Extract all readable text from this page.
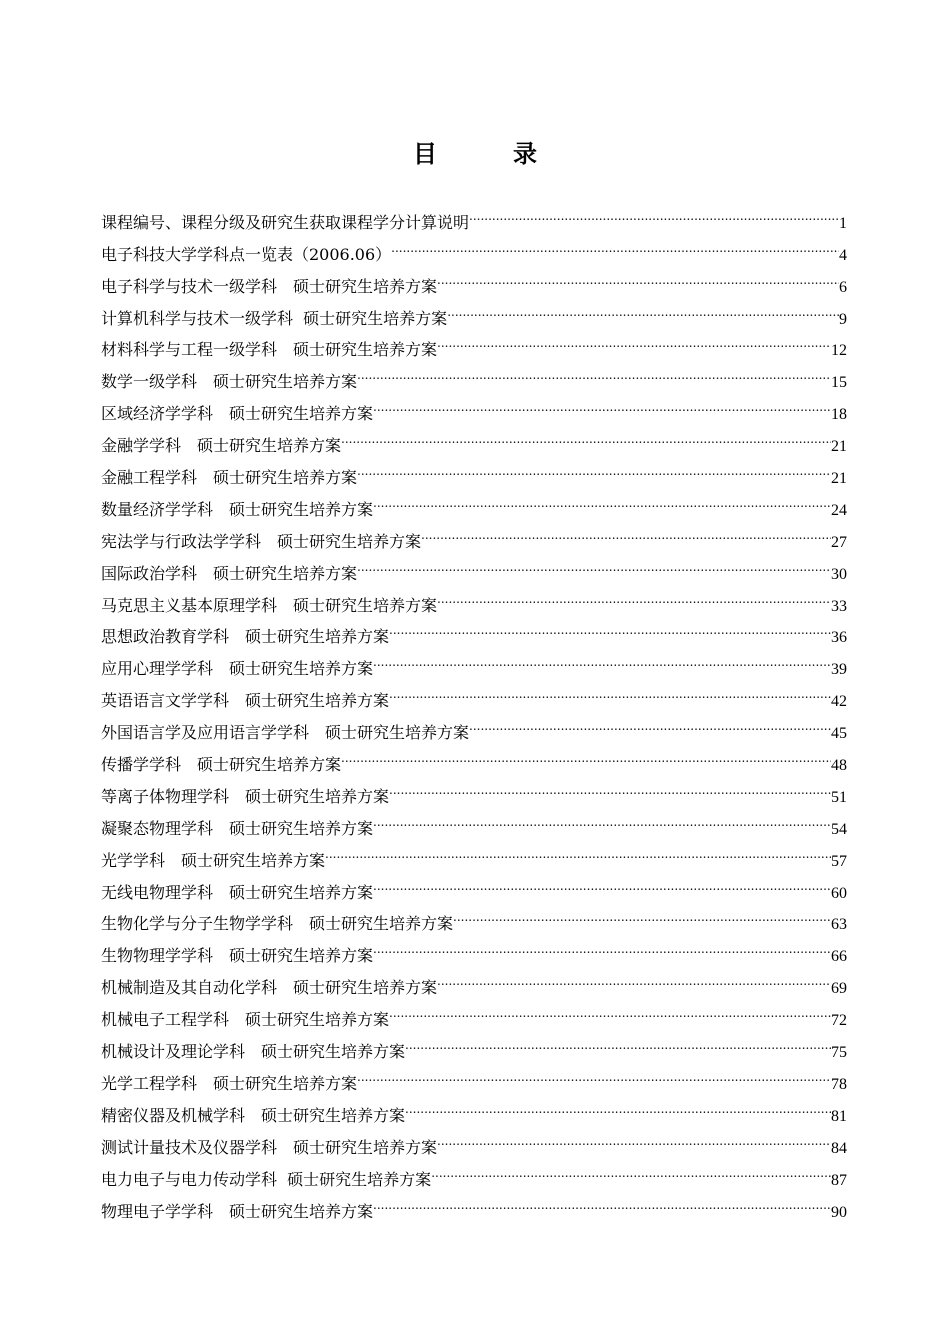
目　录
课程编号、课程分级及研究生获取课程学分计算说明 .....	1
电子科技大学学科点一览表（2006.06） .....	4
电子科学与技术一级学科　硕士研究生培养方案 .....	6
计算机科学与技术一级学科  硕士研究生培养方案 .....	9
材料科学与工程一级学科　硕士研究生培养方案 .....	12
数学一级学科　硕士研究生培养方案 .....	15
区域经济学学科　硕士研究生培养方案 .....	18
金融学学科　硕士研究生培养方案 .....	21
金融工程学科　硕士研究生培养方案 .....	21
数量经济学学科　硕士研究生培养方案 .....	24
宪法学与行政法学学科　硕士研究生培养方案 .....	27
国际政治学科　硕士研究生培养方案 .....	30
马克思主义基本原理学科　硕士研究生培养方案 .....	33
思想政治教育学科　硕士研究生培养方案 .....	36
应用心理学学科　硕士研究生培养方案 .....	39
英语语言文学学科　硕士研究生培养方案 .....	42
外国语言学及应用语言学学科　硕士研究生培养方案 .....	45
传播学学科　硕士研究生培养方案 .....	48
等离子体物理学科　硕士研究生培养方案 .....	51
凝聚态物理学科　硕士研究生培养方案 .....	54
光学学科　硕士研究生培养方案 .....	57
无线电物理学科　硕士研究生培养方案 .....	60
生物化学与分子生物学学科　硕士研究生培养方案 .....	63
生物物理学学科　硕士研究生培养方案 .....	66
机械制造及其自动化学科　硕士研究生培养方案 .....	69
机械电子工程学科　硕士研究生培养方案 .....	72
机械设计及理论学科　硕士研究生培养方案 .....	75
光学工程学科　硕士研究生培养方案 .....	78
精密仪器及机械学科　硕士研究生培养方案 .....	81
测试计量技术及仪器学科　硕士研究生培养方案 .....	84
电力电子与电力传动学科  硕士研究生培养方案 .....	87
物理电子学学科　硕士研究生培养方案 .....	90
